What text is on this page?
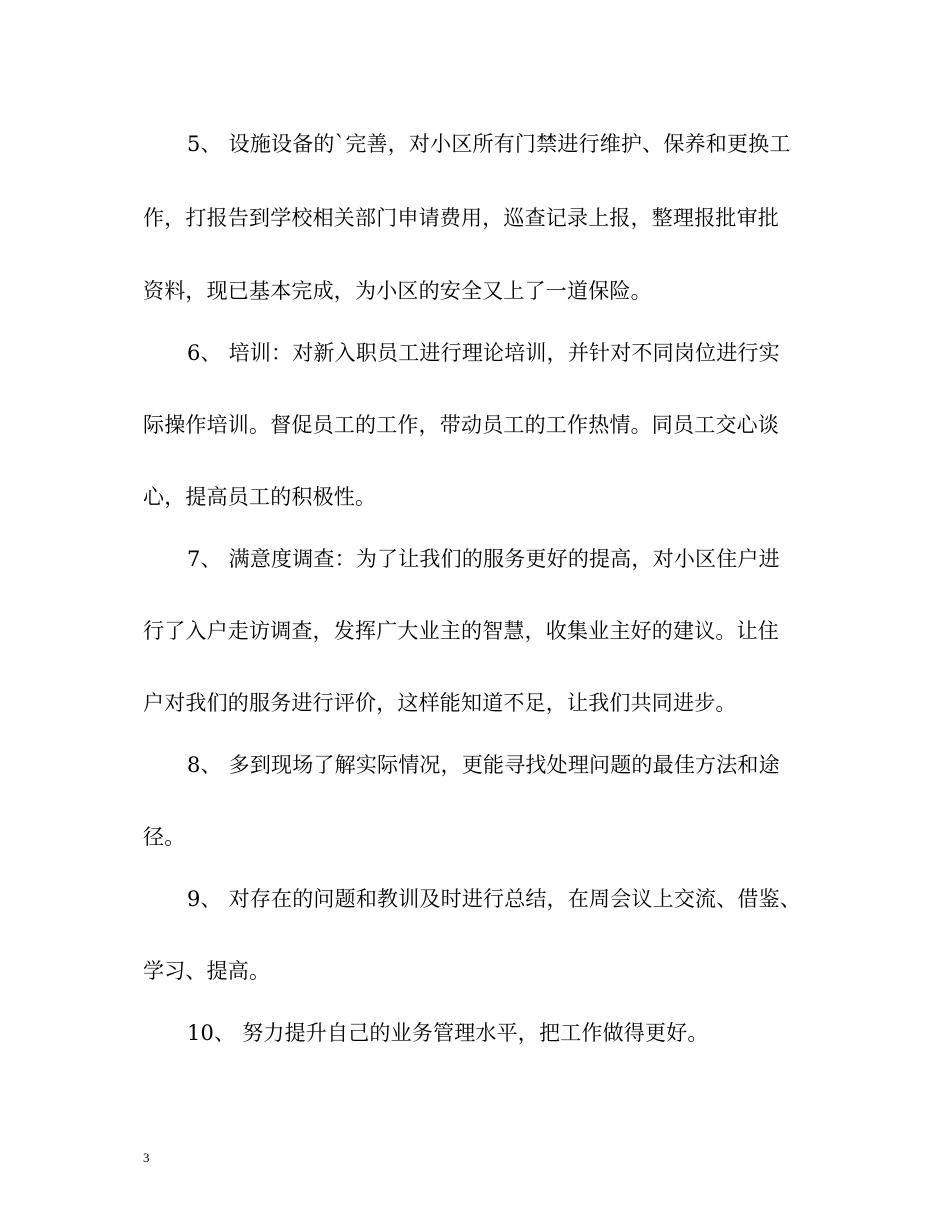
5、 设施设备的`完善，对小区所有门禁进行维护、保养和更换工
作，打报告到学校相关部门申请费用，巡查记录上报，整理报批审批
资料，现已基本完成，为小区的安全又上了一道保险。
6、 培训：对新入职员工进行理论培训，并针对不同岗位进行实
际操作培训。督促员工的工作，带动员工的工作热情。同员工交心谈
心，提高员工的积极性。
7、 满意度调查：为了让我们的服务更好的提高，对小区住户进
行了入户走访调查，发挥广大业主的智慧，收集业主好的建议。让住
户对我们的服务进行评价，这样能知道不足，让我们共同进步。
8、 多到现场了解实际情况，更能寻找处理问题的最佳方法和途
径。
9、 对存在的问题和教训及时进行总结，在周会议上交流、借鉴、
学习、提高。
10、 努力提升自己的业务管理水平，把工作做得更好。
3
